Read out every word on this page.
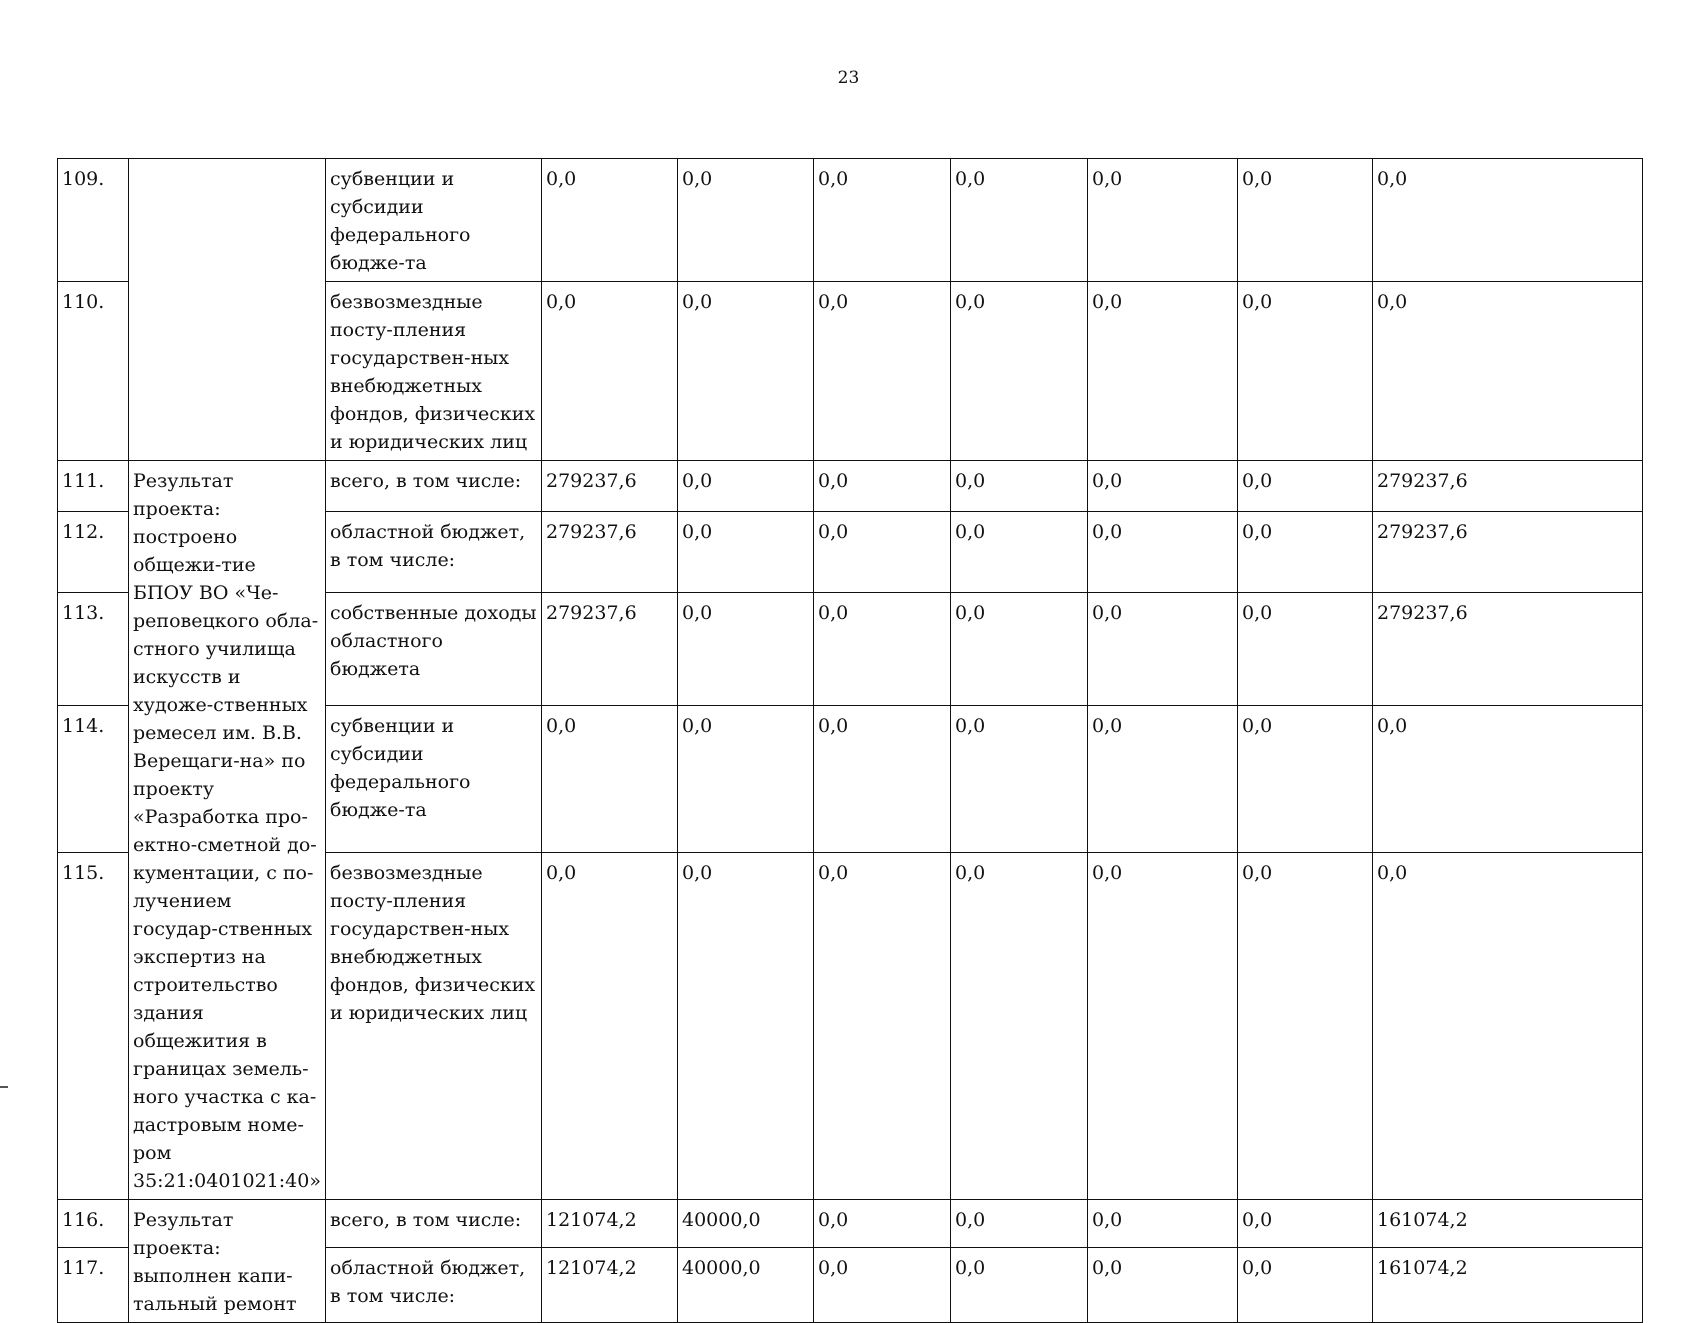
23
109.		субвенции и субсидии федерального бюдже-та	0,0	0,0	0,0	0,0	0,0	0,0	0,0
110.		безвозмездные посту-пления государствен-ных внебюджетных фондов, физических и юридических лиц	0,0	0,0	0,0	0,0	0,0	0,0	0,0
111.	Результат проекта: построено общежи-тие БПОУ ВО «Че-реповецкого обла-стного училища искусств и художе-ственных ремесел им. В.В. Верещаги-на» по проекту «Разработка про-ектно-сметной до-кументации, с по-лучением государ-ственных экспертиз на строительство здания общежития в границах земель-ного участка с ка-дастровым номе-ром 35:21:0401021:40»	всего, в том числе:	279237,6	0,0	0,0	0,0	0,0	0,0	279237,6
112.		областной бюджет, в том числе:	279237,6	0,0	0,0	0,0	0,0	0,0	279237,6
113.		собственные доходы областного бюджета	279237,6	0,0	0,0	0,0	0,0	0,0	279237,6
114.		субвенции и субсидии федерального бюдже-та	0,0	0,0	0,0	0,0	0,0	0,0	0,0
115.		безвозмездные посту-пления государствен-ных внебюджетных фондов, физических и юридических лиц	0,0	0,0	0,0	0,0	0,0	0,0	0,0
116.	Результат проекта: выполнен капи-тальный ремонт	всего, в том числе:	121074,2	40000,0	0,0	0,0	0,0	0,0	161074,2
117.		областной бюджет, в том числе:	121074,2	40000,0	0,0	0,0	0,0	0,0	161074,2
